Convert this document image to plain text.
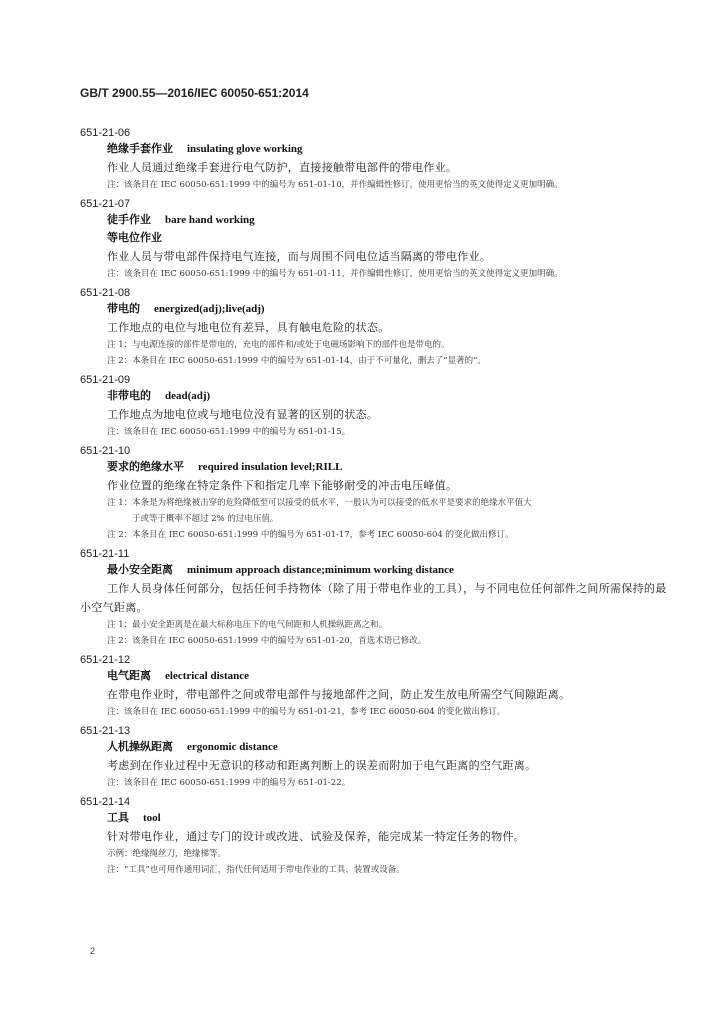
GB/T 2900.55—2016/IEC 60050-651:2014
651-21-06
绝缘手套作业 insulating glove working
作业人员通过绝缘手套进行电气防护，直接接触带电部件的带电作业。
注：该条目在 IEC 60050-651:1999 中的编号为 651-01-10，并作编辑性修订，使用更恰当的英文使得定义更加明确。
651-21-07
徒手作业 bare hand working
等电位作业
作业人员与带电部件保持电气连接，而与周围不同电位适当隔离的带电作业。
注：该条目在 IEC 60050-651:1999 中的编号为 651-01-11，并作编辑性修订，使用更恰当的英文使得定义更加明确。
651-21-08
带电的 energized(adj);live(adj)
工作地点的电位与地电位有差异，具有触电危险的状态。
注 1：与电源连接的部件是带电的，充电的部件和/或处于电磁场影响下的部件也是带电的。
注 2：本条目在 IEC 60050-651:1999 中的编号为 651-01-14，由于不可量化，删去了“显著的”。
651-21-09
非带电的 dead(adj)
工作地点为地电位或与地电位没有显著的区别的状态。
注：该条目在 IEC 60050-651:1999 中的编号为 651-01-15。
651-21-10
要求的绝缘水平 required insulation level;RILL
作业位置的绝缘在特定条件下和指定几率下能够耐受的冲击电压峰值。
注 1：本条是为将绝缘被击穿的危险降低至可以接受的低水平，一般认为可以接受的低水平是要求的绝缘水平值大
于或等于概率不超过 2% 的过电压值。
注 2：本条目在 IEC 60050-651:1999 中的编号为 651-01-17，参考 IEC 60050-604 的变化做出修订。
651-21-11
最小安全距离 minimum approach distance;minimum working distance
工作人员身体任何部分，包括任何手持物体（除了用于带电作业的工具），与不同电位任何部件之间所需保持的最小空气距离。
注 1：最小安全距离是在最大标称电压下的电气间距和人机操纵距离之和。
注 2：该条目在 IEC 60050-651:1999 中的编号为 651-01-20，首选术语已修改。
651-21-12
电气距离 electrical distance
在带电作业时，带电部件之间或带电部件与接地部件之间，防止发生放电所需空气间隙距离。
注：该条目在 IEC 60050-651:1999 中的编号为 651-01-21，参考 IEC 60050-604 的变化做出修订。
651-21-13
人机操纵距离 ergonomic distance
考虑到在作业过程中无意识的移动和距离判断上的误差而附加于电气距离的空气距离。
注：该条目在 IEC 60050-651:1999 中的编号为 651-01-22。
651-21-14
工具 tool
针对带电作业，通过专门的设计或改进、试验及保养，能完成某一特定任务的物件。
示例：绝缘绳丝刀，绝缘梯等。
注：“工具”也可用作通用词汇，指代任何适用于带电作业的工具、装置或设备。
2
